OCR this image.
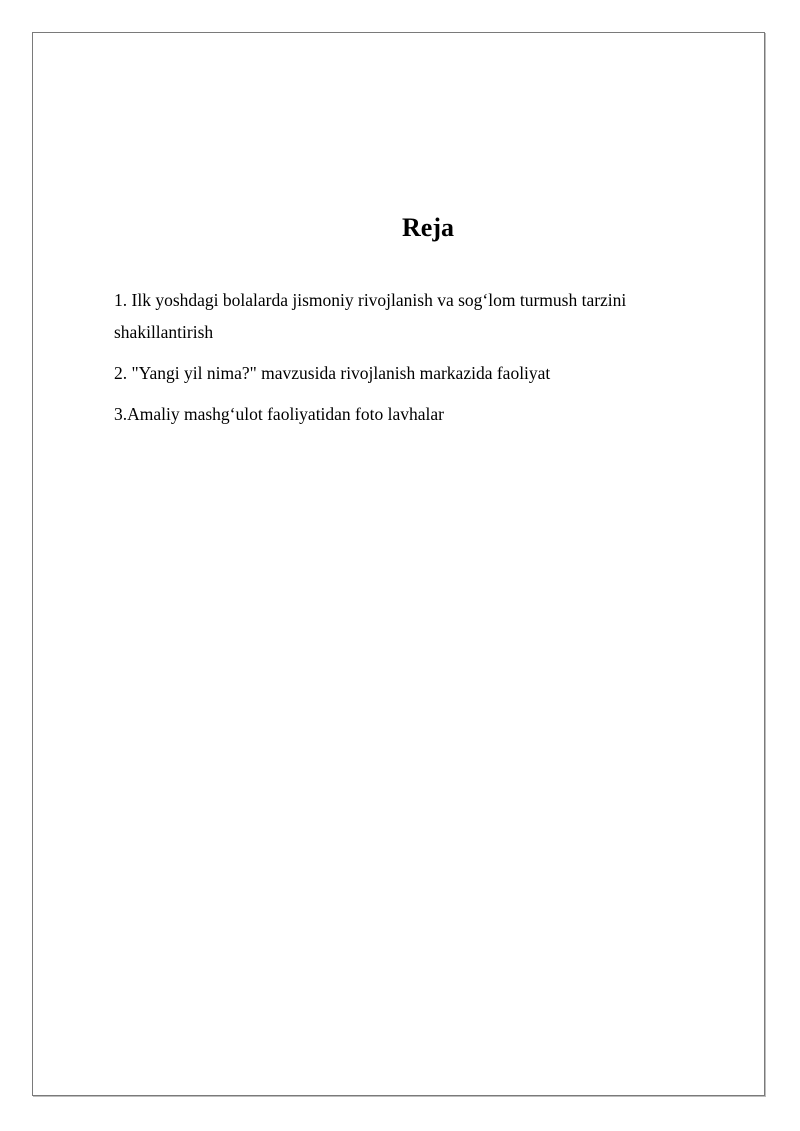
Reja
1. Ilk yoshdagi bolalarda jismoniy rivojlanish va sog‘lom turmush tarzini shakillantirish
2. "Yangi yil nima?" mavzusida rivojlanish markazida faoliyat
3.Amaliy mashg‘ulot faoliyatidan foto lavhalar
